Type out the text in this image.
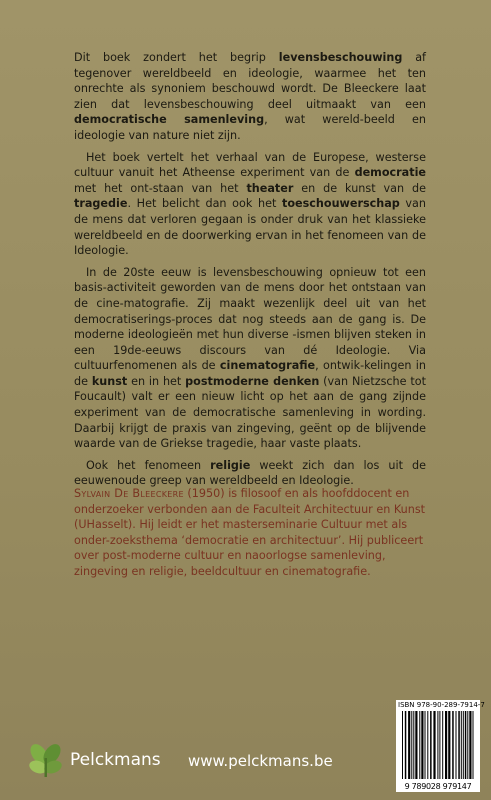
Dit boek zondert het begrip levensbeschouwing af tegenover wereldbeeld en ideologie, waarmee het ten onrechte als synoniem beschouwd wordt. De Bleeckere laat zien dat levensbeschouwing deel uitmaakt van een democratische samenleving, wat wereld-beeld en ideologie van nature niet zijn.

Het boek vertelt het verhaal van de Europese, westerse cultuur vanuit het Atheense experiment van de democratie met het ont-staan van het theater en de kunst van de tragedie. Het belicht dan ook het toeschouwerschap van de mens dat verloren gegaan is onder druk van het klassieke wereldbeeld en de doorwerking ervan in het fenomeen van de Ideologie.

In de 20ste eeuw is levensbeschouwing opnieuw tot een basis-activiteit geworden van de mens door het ontstaan van de cine-matografie. Zij maakt wezenlijk deel uit van het democratiserings-proces dat nog steeds aan de gang is. De moderne ideologieën met hun diverse -ismen blijven steken in een 19de-eeuws discours van dé Ideologie. Via cultuurfenomenen als de cinematografie, ontwik-kelingen in de kunst en in het postmoderne denken (van Nietzsche tot Foucault) valt er een nieuw licht op het aan de gang zijnde experiment van de democratische samenleving in wording. Daarbij krijgt de praxis van zingeving, geënt op de blijvende waarde van de Griekse tragedie, haar vaste plaats.

Ook het fenomeen religie weekt zich dan los uit de eeuwenoude greep van wereldbeeld en Ideologie.

Sylvain De Bleeckere (1950) is filosoof en als hoofddocent en onderzoeker verbonden aan de Faculteit Architectuur en Kunst (UHasselt). Hij leidt er het masterseminarie Cultuur met als onder-zoeksthema ‘democratie en architectuur’. Hij publiceert over post-moderne cultuur en naoorlogse samenleving, zingeving en religie, beeldcultuur en cinematografie.
Pelckmans www.pelckmans.be
ISBN 978-90-289-7914-7
9 789028 979147
